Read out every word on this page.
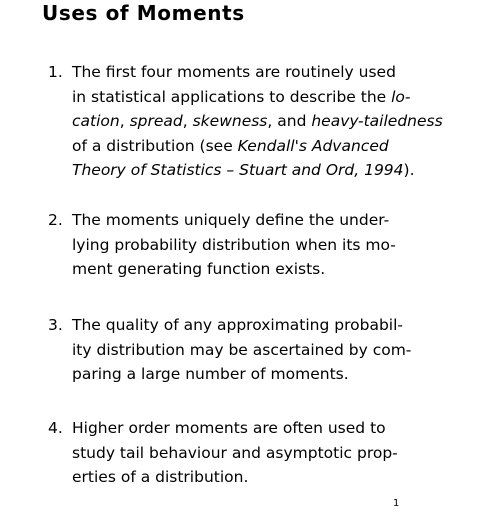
Uses of Moments
1. The first four moments are routinely used
in statistical applications to describe the lo-
cation, spread, skewness, and heavy-tailedness
of a distribution (see Kendall's Advanced
Theory of Statistics – Stuart and Ord, 1994).
2. The moments uniquely define the under-
lying probability distribution when its mo-
ment generating function exists.
3. The quality of any approximating probabil-
ity distribution may be ascertained by com-
paring a large number of moments.
4. Higher order moments are often used to
study tail behaviour and asymptotic prop-
erties of a distribution.
1
